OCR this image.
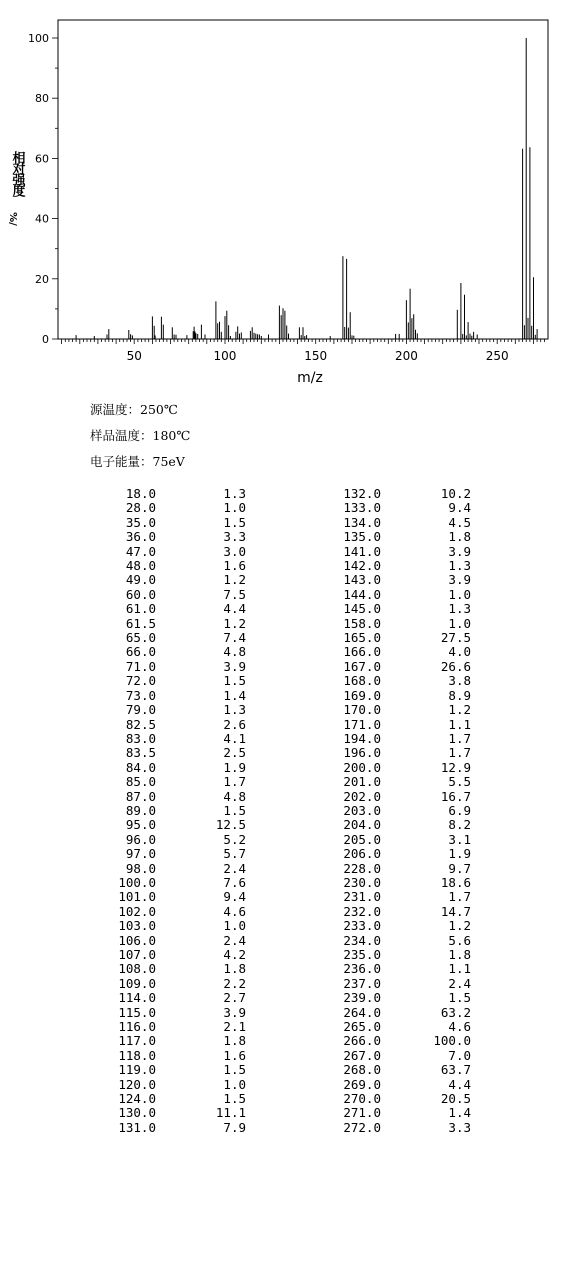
50	100	150	200	250
0
20
40
60
80
100
m/z
相对强度
%/
源温度：250℃
样品温度：180℃
电子能量：75eV
18.0	1.3	132.0	10.2
28.0	1.0	133.0	9.4
35.0	1.5	134.0	4.5
36.0	3.3	135.0	1.8
47.0	3.0	141.0	3.9
48.0	1.6	142.0	1.3
49.0	1.2	143.0	3.9
60.0	7.5	144.0	1.0
61.0	4.4	145.0	1.3
61.5	1.2	158.0	1.0
65.0	7.4	165.0	27.5
66.0	4.8	166.0	4.0
71.0	3.9	167.0	26.6
72.0	1.5	168.0	3.8
73.0	1.4	169.0	8.9
79.0	1.3	170.0	1.2
82.5	2.6	171.0	1.1
83.0	4.1	194.0	1.7
83.5	2.5	196.0	1.7
84.0	1.9	200.0	12.9
85.0	1.7	201.0	5.5
87.0	4.8	202.0	16.7
89.0	1.5	203.0	6.9
95.0	12.5	204.0	8.2
96.0	5.2	205.0	3.1
97.0	5.7	206.0	1.9
98.0	2.4	228.0	9.7
100.0	7.6	230.0	18.6
101.0	9.4	231.0	1.7
102.0	4.6	232.0	14.7
103.0	1.0	233.0	1.2
106.0	2.4	234.0	5.6
107.0	4.2	235.0	1.8
108.0	1.8	236.0	1.1
109.0	2.2	237.0	2.4
114.0	2.7	239.0	1.5
115.0	3.9	264.0	63.2
116.0	2.1	265.0	4.6
117.0	1.8	266.0	100.0
118.0	1.6	267.0	7.0
119.0	1.5	268.0	63.7
120.0	1.0	269.0	4.4
124.0	1.5	270.0	20.5
130.0	11.1	271.0	1.4
131.0	7.9	272.0	3.3
